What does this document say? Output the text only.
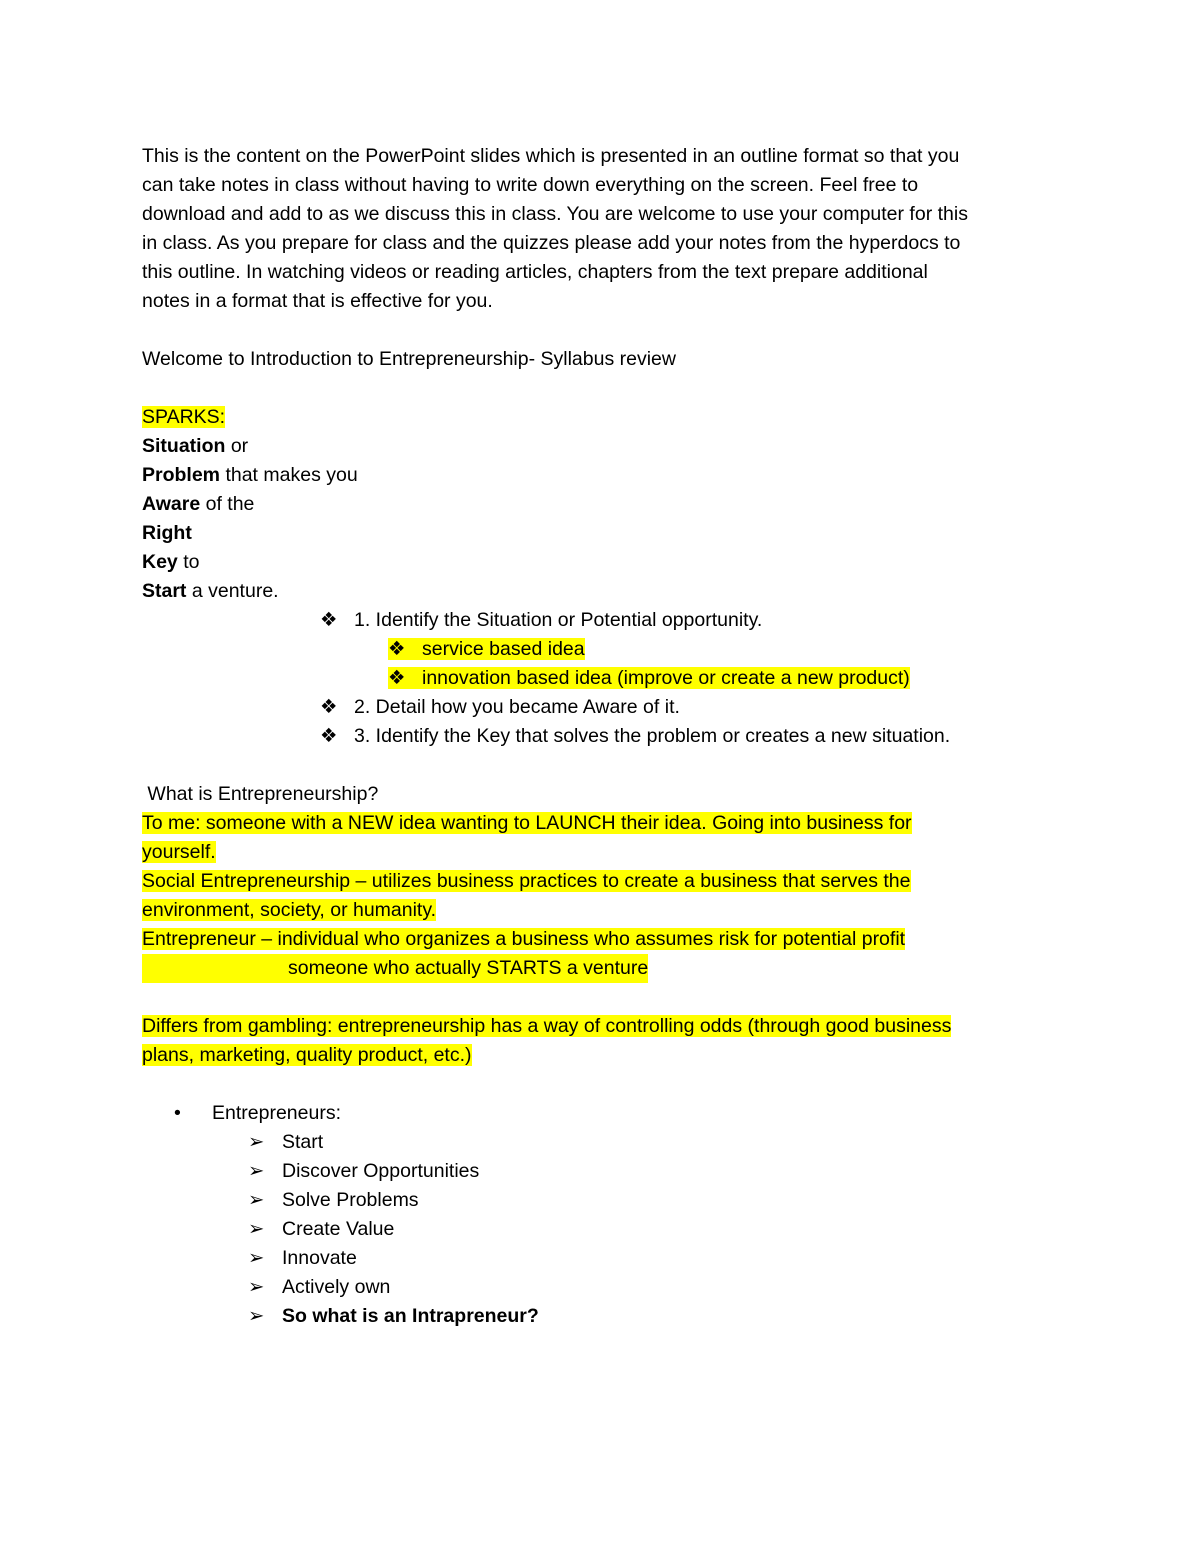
This is the content on the PowerPoint slides which is presented in an outline format so that you
can take notes in class without having to write down everything on the screen. Feel free to
download and add to as we discuss this in class. You are welcome to use your computer for this
in class. As you prepare for class and the quizzes please add your notes from the hyperdocs to
this outline. In watching videos or reading articles, chapters from the text prepare additional
notes in a format that is effective for you.
Welcome to Introduction to Entrepreneurship- Syllabus review
SPARKS:
Situation or
Problem that makes you
Aware of the
Right
Key to
Start a venture.
❖ 1. Identify the Situation or Potential opportunity.
❖ service based idea
❖ innovation based idea (improve or create a new product)
❖ 2. Detail how you became Aware of it.
❖ 3. Identify the Key that solves the problem or creates a new situation.
What is Entrepreneurship?
To me: someone with a NEW idea wanting to LAUNCH their idea. Going into business for
yourself.
Social Entrepreneurship – utilizes business practices to create a business that serves the
environment, society, or humanity.
Entrepreneur – individual who organizes a business who assumes risk for potential profit
someone who actually STARTS a venture
Differs from gambling: entrepreneurship has a way of controlling odds (through good business
plans, marketing, quality product, etc.)
• Entrepreneurs:
➢ Start
➢ Discover Opportunities
➢ Solve Problems
➢ Create Value
➢ Innovate
➢ Actively own
➢ So what is an Intrapreneur?
